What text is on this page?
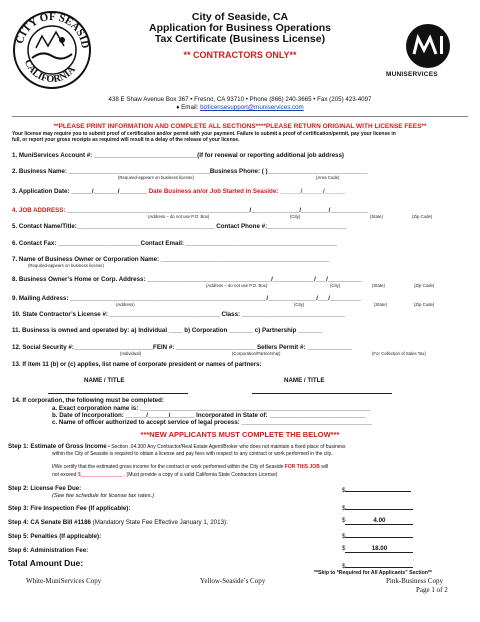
CITY OF SEASID
CALIFORNIA
City of Seaside, CA
Application for Business Operations
Tax Certificate (Business License)
** CONTRACTORS ONLY**
MUNISERVICES
438 E Shaw Avenue Box 367 • Fresno, CA 93710 • Phone (866) 240-3665 • Fax (205) 423-4097
♦ Email: bizlicensesupport@muniservices.com
**PLEASE PRINT INFORMATION AND COMPLETE ALL SECTIONS****PLEASE RETURN ORIGINAL WITH LICENSE FEES**
Your license may require you to submit proof of certification and/or permit with your payment. Failure to submit a proof of certification/permit, pay your license in
full, or report your gross receipts as required will result in a delay of the release of your license.
1. MuniServices Account #: ______________________________(If for renewal or reporting additional job address)
2. Business Name: _________________________________________Business Phone: ( )_____________________________
(Required-appears on business license)	(Area Code)
3. Application Date: ______/_______/________ Date Business an/or Job Started in Seaside: ______/______/______
4. JOB ADDRESS: _____________________________________________________/______________/________/___________
(Address – do not use P.O. Box)	(City)	(State)	(Zip Code)
5. Contact Name/Title:________________________________________ Contact Phone #:_______________________
6. Contact Fax: ________________________Contact Email: ____________________________________________
7. Name of Business Owner or Corporation Name: _________________________________________________
(Required-appears on business license)
8. Business Owner’s Home or Corp. Address: ____________________________________/____________/___/__________
(Address – do not use P.O. Box)	(City)	(State)	(Zip Code)
9. Mailing Address: _________________________________________________________/______________/___/_________
(Address)	(City)	(State)	(Zip Code)
10. State Contractor’s License #: ________________________________ Class: ______________________________
11. Business is owned and operated by: a) Individual ____ b) Corporation _______ c) Partnership _______
12. Social Security #:_______________________FEIN #: _______________________ Sellers Permit #: _____________
(Individual)	(Corporation/Partnership)	(For Collection of Sales Tax)
13. If item 11 (b) or (c) applies, list name of corporate president or names of partners:
NAME / TITLE	NAME / TITLE
14. If corporation, the following must be completed:
a. Exact corporation name is: ___________________________________________________________________
b. Date of Incorporation: ______/______/_______ Incorporated in State of: ____________________________
c. Name of officer authorized to accept service of legal process: ______________________________________
***NEW APPLICANTS MUST COMPLETE THE BELOW***
Step 1: Estimate of Gross Income • Section .04.300 Any Contractor/Real Estate Agent/Broker who does not maintain a fixed place of business
within the City of Seaside is required to obtain a license and pay fees with respect to any contract or work performed in the city.
I/We certify that the estimated gross income for the contract or work performed within the City of Seaside FOR THIS JOB will
not exceed $_______________ . (Must provide a copy of a valid California State Contractors License)
Step 2: License Fee Due:
(See fee schedule for license tax rates.)
$
Step 3: Fire Inspection Fee (If applicable):	$
Step 4: CA Senate Bill #1186 (Mandatory State Fee Effective January 1, 2013):	$	4.00
Step 5: Penalties (If applicable):	$
Step 6: Administration Fee:	$	18.00
Total Amount Due:	$
**Skip to *Required for All Applicants" Section**
White-MuniServices Copy	Yellow-Seaside’s Copy	Pink-Business Copy
Page 1 of 2
